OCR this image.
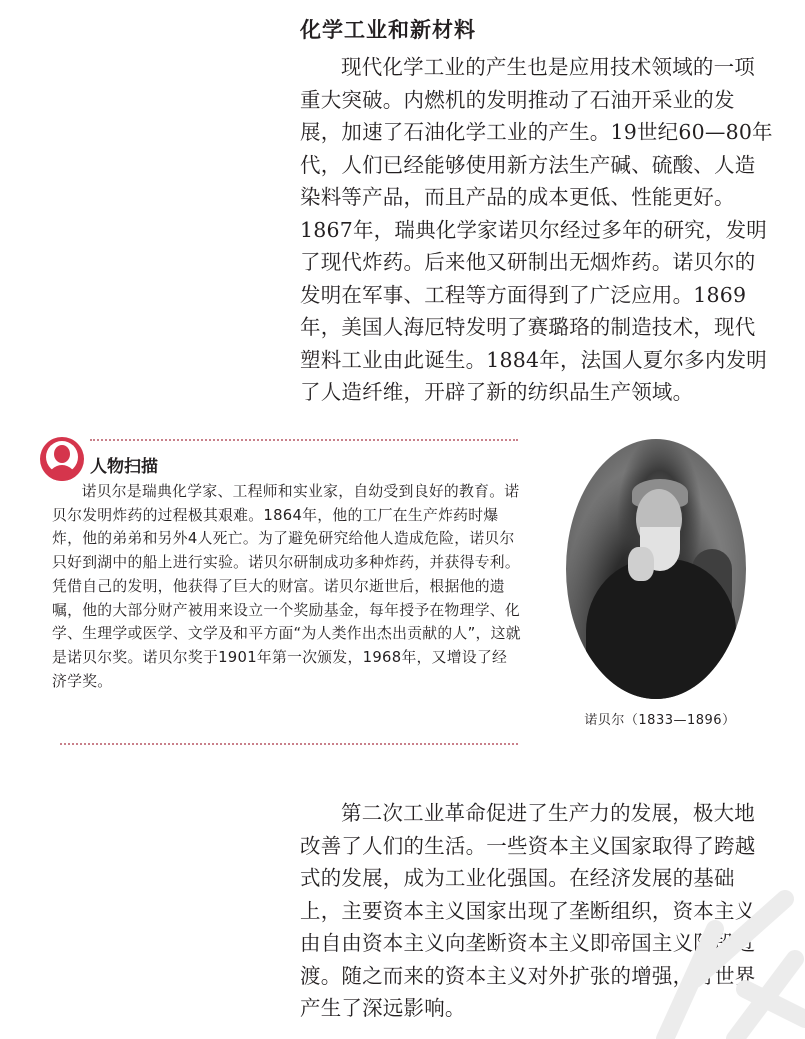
化学工业和新材料

现代化学工业的产生也是应用技术领域的一项重大突破。内燃机的发明推动了石油开采业的发展，加速了石油化学工业的产生。19世纪60—80年代，人们已经能够使用新方法生产碱、硫酸、人造染料等产品，而且产品的成本更低、性能更好。1867年，瑞典化学家诺贝尔经过多年的研究，发明了现代炸药。后来他又研制出无烟炸药。诺贝尔的发明在军事、工程等方面得到了广泛应用。1869年，美国人海厄特发明了赛璐珞的制造技术，现代塑料工业由此诞生。1884年，法国人夏尔多内发明了人造纤维，开辟了新的纺织品生产领域。

人物扫描

诺贝尔是瑞典化学家、工程师和实业家，自幼受到良好的教育。诺贝尔发明炸药的过程极其艰难。1864年，他的工厂在生产炸药时爆炸，他的弟弟和另外4人死亡。为了避免研究给他人造成危险，诺贝尔只好到湖中的船上进行实验。诺贝尔研制成功多种炸药，并获得专利。凭借自己的发明，他获得了巨大的财富。诺贝尔逝世后，根据他的遗嘱，他的大部分财产被用来设立一个奖励基金，每年授予在物理学、化学、生理学或医学、文学及和平方面“为人类作出杰出贡献的人”，这就是诺贝尔奖。诺贝尔奖于1901年第一次颁发，1968年，又增设了经济学奖。

诺贝尔（1833—1896）

第二次工业革命促进了生产力的发展，极大地改善了人们的生活。一些资本主义国家取得了跨越式的发展，成为工业化强国。在经济发展的基础上，主要资本主义国家出现了垄断组织，资本主义由自由资本主义向垄断资本主义即帝国主义阶段过渡。随之而来的资本主义对外扩张的增强，对世界产生了深远影响。
